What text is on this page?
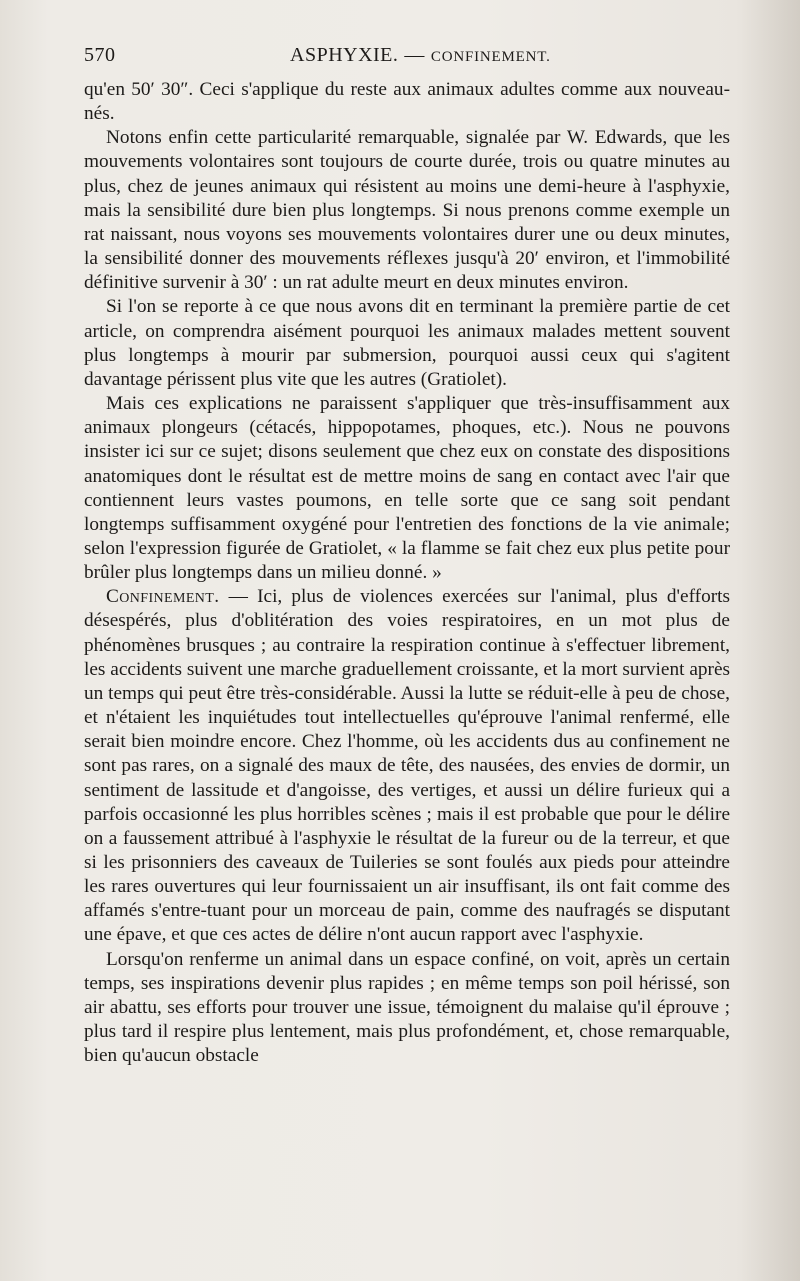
570	ASPHYXIE. — CONFINEMENT.

qu'en 50′ 30″. Ceci s'applique du reste aux animaux adultes comme aux nouveau-nés.

Notons enfin cette particularité remarquable, signalée par W. Edwards, que les mouvements volontaires sont toujours de courte durée, trois ou quatre minutes au plus, chez de jeunes animaux qui résistent au moins une demi-heure à l'asphyxie, mais la sensibilité dure bien plus longtemps. Si nous prenons comme exemple un rat naissant, nous voyons ses mouvements volontaires durer une ou deux minutes, la sensibilité donner des mouvements réflexes jusqu'à 20′ environ, et l'immobilité définitive survenir à 30′ : un rat adulte meurt en deux minutes environ.

Si l'on se reporte à ce que nous avons dit en terminant la première partie de cet article, on comprendra aisément pourquoi les animaux malades mettent souvent plus longtemps à mourir par submersion, pourquoi aussi ceux qui s'agitent davantage périssent plus vite que les autres (Gratiolet).

Mais ces explications ne paraissent s'appliquer que très-insuffisamment aux animaux plongeurs (cétacés, hippopotames, phoques, etc.). Nous ne pouvons insister ici sur ce sujet; disons seulement que chez eux on constate des dispositions anatomiques dont le résultat est de mettre moins de sang en contact avec l'air que contiennent leurs vastes poumons, en telle sorte que ce sang soit pendant longtemps suffisamment oxygéné pour l'entretien des fonctions de la vie animale; selon l'expression figurée de Gratiolet, « la flamme se fait chez eux plus petite pour brûler plus longtemps dans un milieu donné. »

Confinement. — Ici, plus de violences exercées sur l'animal, plus d'efforts désespérés, plus d'oblitération des voies respiratoires, en un mot plus de phénomènes brusques ; au contraire la respiration continue à s'effectuer librement, les accidents suivent une marche graduellement croissante, et la mort survient après un temps qui peut être très-considérable. Aussi la lutte se réduit-elle à peu de chose, et n'étaient les inquiétudes tout intellectuelles qu'éprouve l'animal renfermé, elle serait bien moindre encore. Chez l'homme, où les accidents dus au confinement ne sont pas rares, on a signalé des maux de tête, des nausées, des envies de dormir, un sentiment de lassitude et d'angoisse, des vertiges, et aussi un délire furieux qui a parfois occasionné les plus horribles scènes ; mais il est probable que pour le délire on a faussement attribué à l'asphyxie le résultat de la fureur ou de la terreur, et que si les prisonniers des caveaux de Tuileries se sont foulés aux pieds pour atteindre les rares ouvertures qui leur fournissaient un air insuffisant, ils ont fait comme des affamés s'entre-tuant pour un morceau de pain, comme des naufragés se disputant une épave, et que ces actes de délire n'ont aucun rapport avec l'asphyxie.

Lorsqu'on renferme un animal dans un espace confiné, on voit, après un certain temps, ses inspirations devenir plus rapides ; en même temps son poil hérissé, son air abattu, ses efforts pour trouver une issue, témoignent du malaise qu'il éprouve ; plus tard il respire plus lentement, mais plus profondément, et, chose remarquable, bien qu'aucun obstacle
